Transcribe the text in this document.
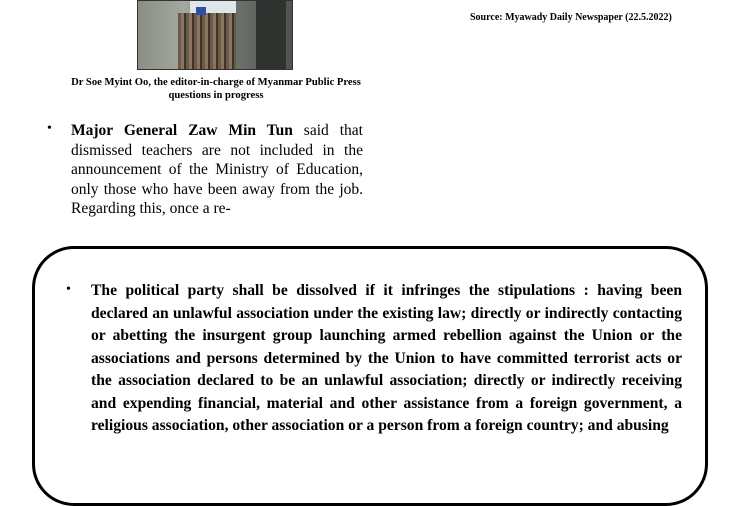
Source: Myawady Daily Newspaper (22.5.2022)
Dr Soe Myint Oo, the editor-in-charge of Myanmar Public Press questions in progress
• Major General Zaw Min Tun said that dismissed teachers are not included in the announcement of the Ministry of Education, only those who have been away from the job. Regarding this, once a re-
• The political party shall be dissolved if it infringes the stipulations : having been declared an unlawful association under the existing law; directly or indirectly contacting or abetting the insurgent group launching armed rebellion against the Union or the associations and persons determined by the Union to have committed terrorist acts or the association declared to be an unlawful association; directly or indirectly receiving and expending financial, material and other assistance from a foreign government, a religious association, other association or a person from a foreign country; and abusing
